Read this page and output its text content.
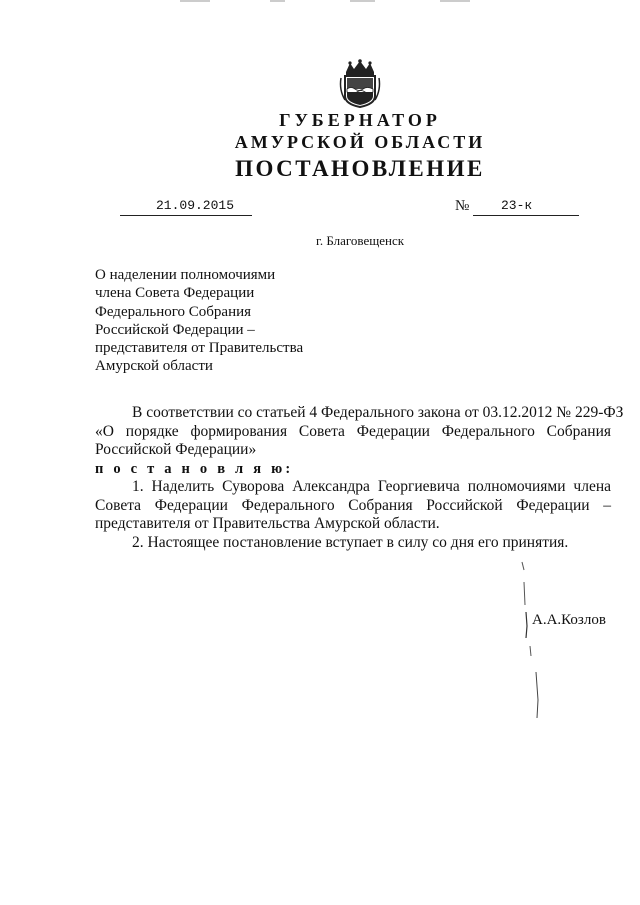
ГУБЕРНАТОР
АМУРСКОЙ ОБЛАСТИ
ПОСТАНОВЛЕНИЕ
21.09.2015	№	23-к
г. Благовещенск
О наделении полномочиями
члена Совета Федерации
Федерального Собрания
Российской Федерации –
представителя от Правительства
Амурской области
В соответствии со статьей 4 Федерального закона от 03.12.2012 № 229-ФЗ
«О порядке формирования Совета Федерации Федерального Собрания
Российской Федерации»
п о с т а н о в л я ю:
1. Наделить Суворова Александра Георгиевича полномочиями члена
Совета Федерации Федерального Собрания Российской Федерации –
представителя от Правительства Амурской области.
2. Настоящее постановление вступает в силу со дня его принятия.
А.А.Козлов
